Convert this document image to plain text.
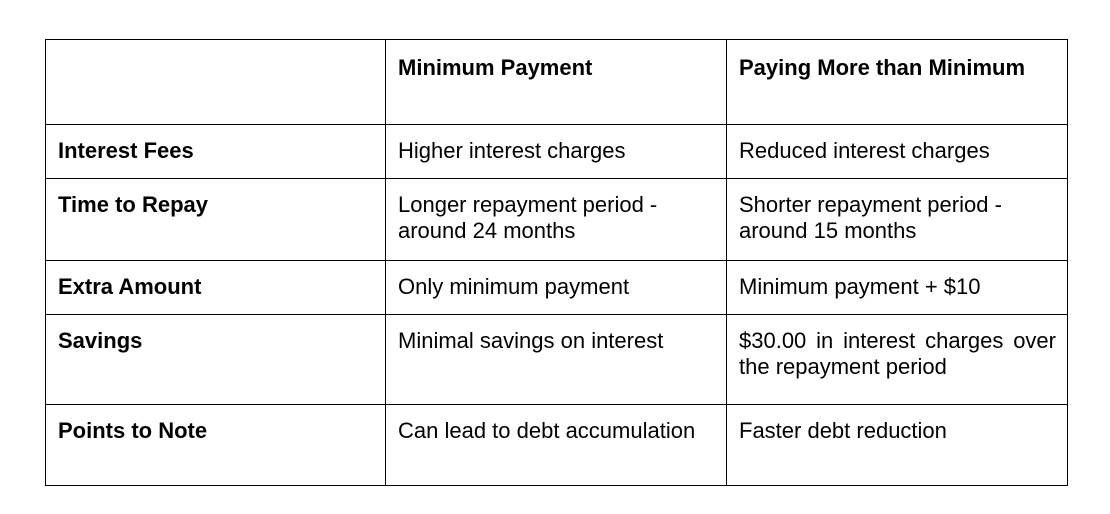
	Minimum Payment	Paying More than Minimum
Interest Fees	Higher interest charges	Reduced interest charges
Time to Repay	Longer repayment period - around 24 months	Shorter repayment period - around 15 months
Extra Amount	Only minimum payment	Minimum payment + $10
Savings	Minimal savings on interest	$30.00 in interest charges over the repayment period
Points to Note	Can lead to debt accumulation	Faster debt reduction
